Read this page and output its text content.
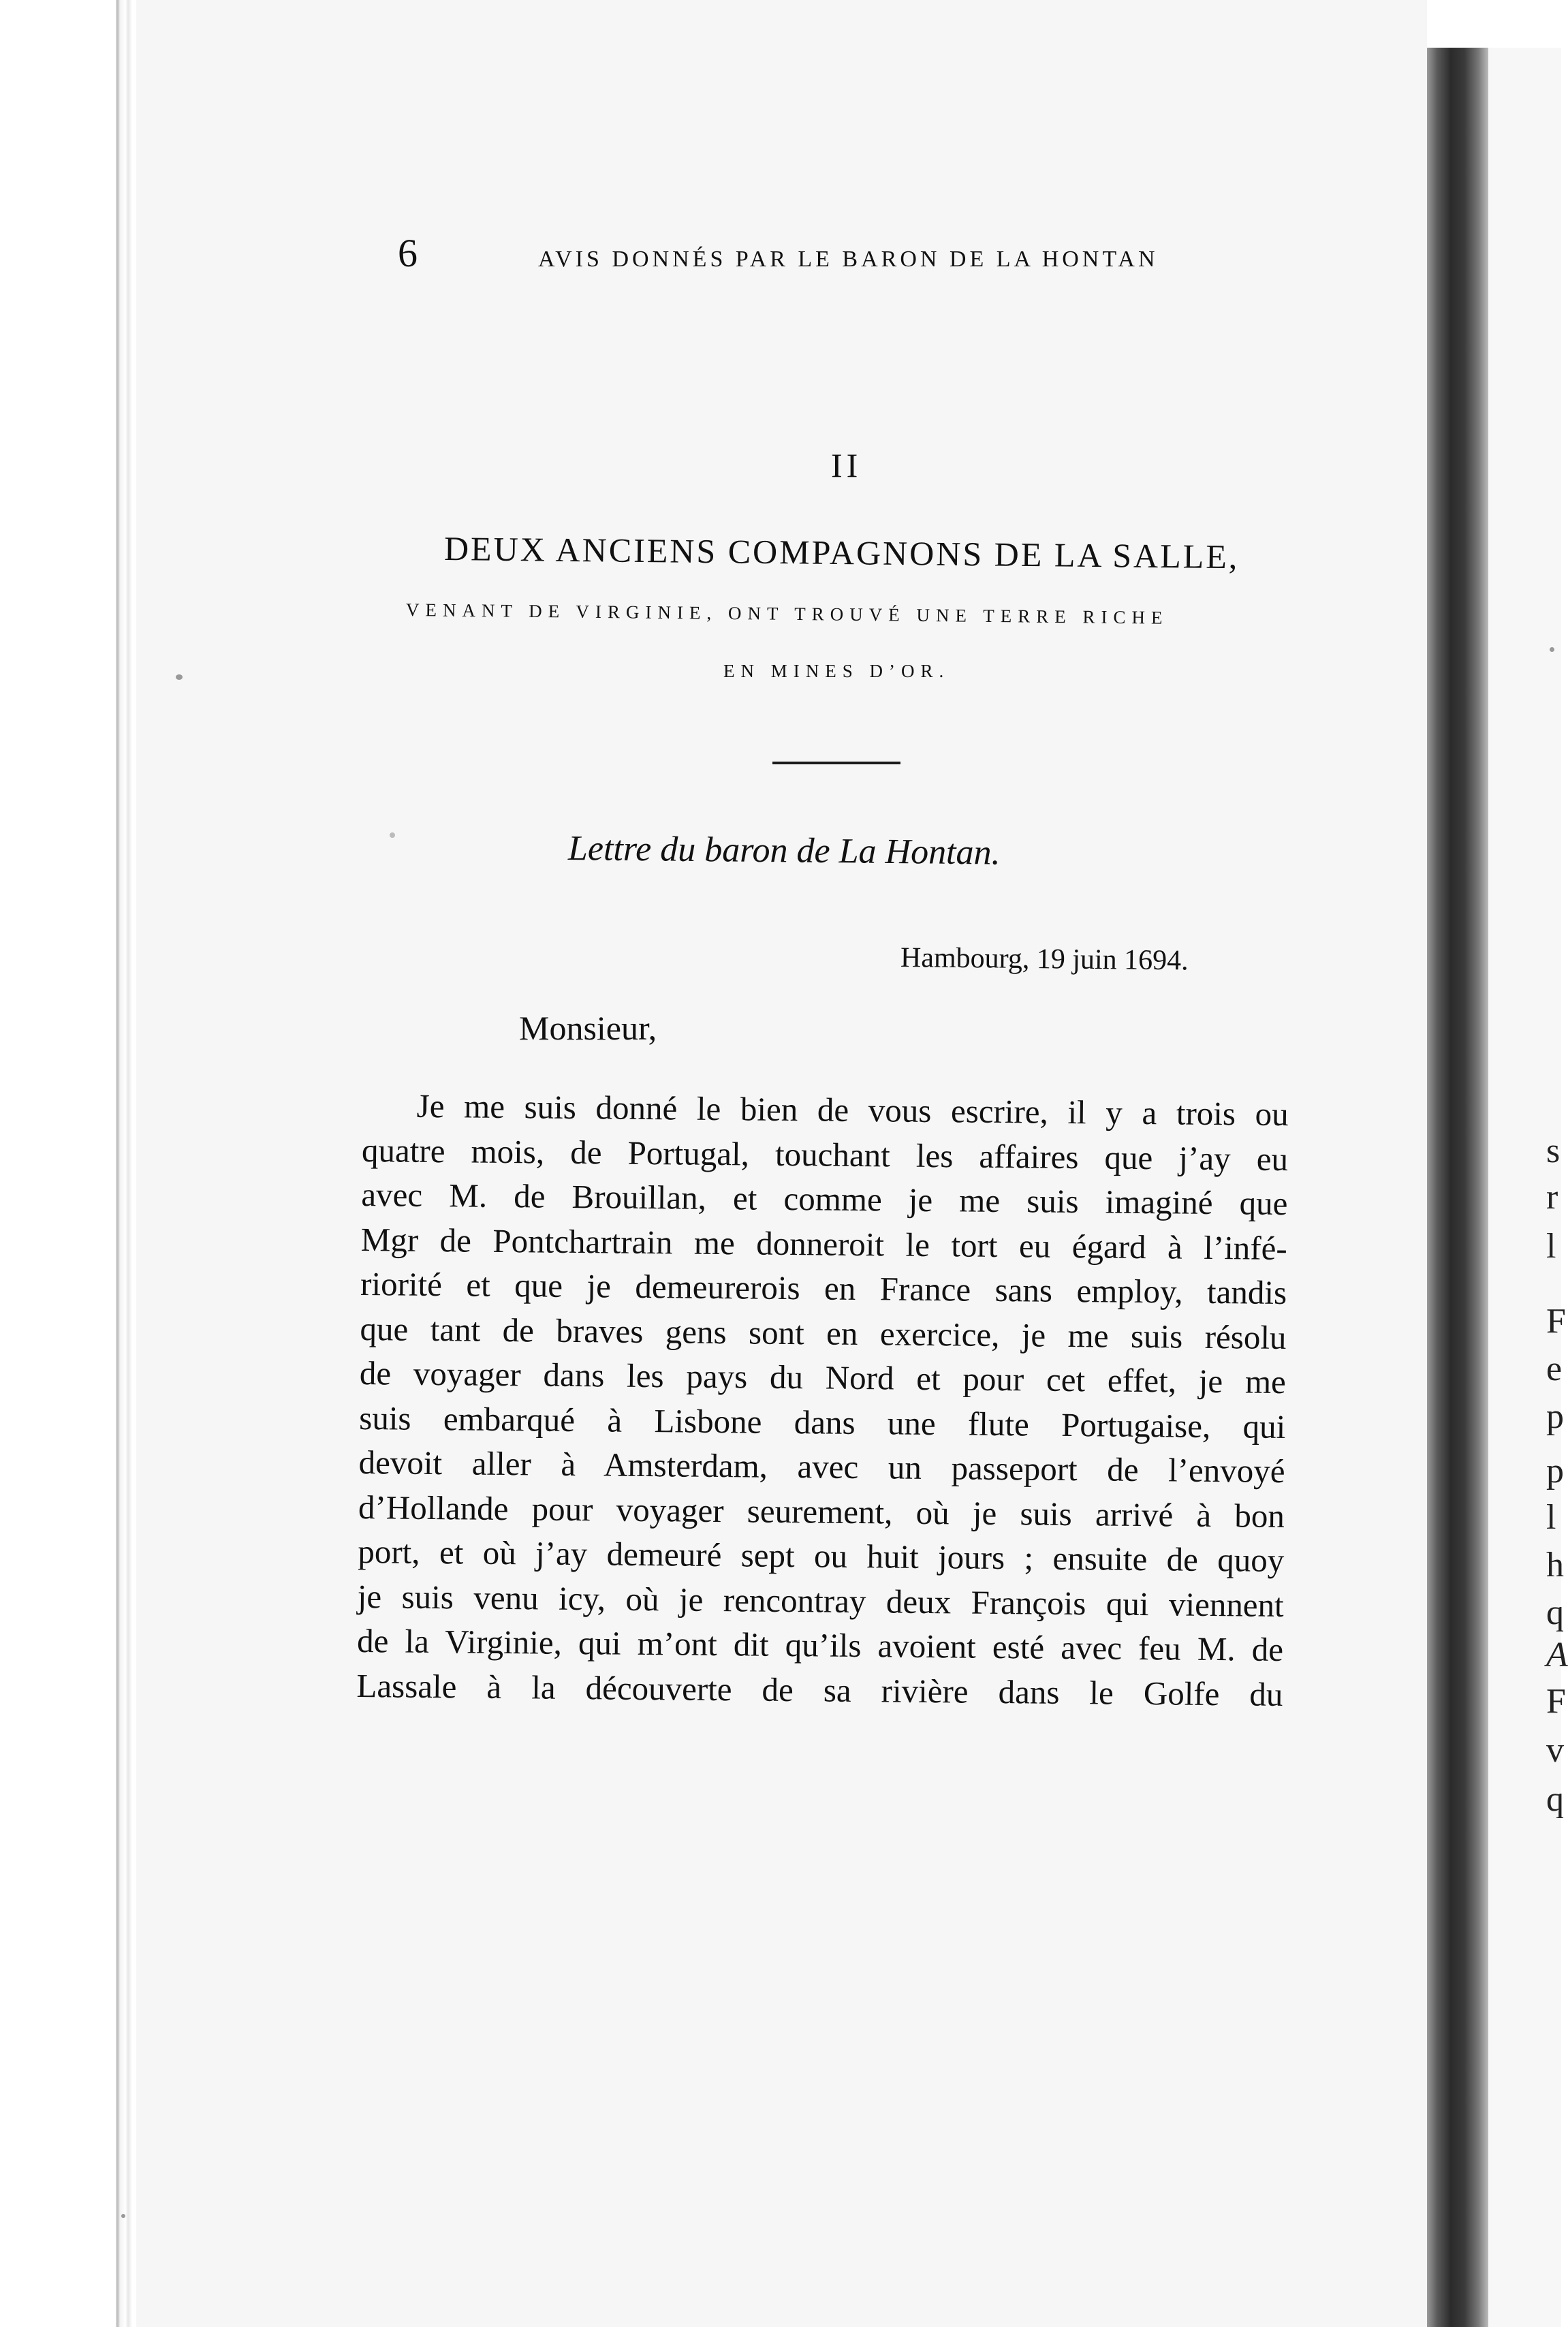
s
r
l
F
e
p
p
l
h
q
A
F
v
q
6	AVIS DONNÉS PAR LE BARON DE LA HONTAN
II
DEUX ANCIENS COMPAGNONS DE LA SALLE,
VENANT DE VIRGINIE, ONT TROUVÉ UNE TERRE RICHE
EN MINES D’OR.
Lettre du baron de La Hontan.
Hambourg, 19 juin 1694.
Monsieur,
Je me suis donné le bien de vous escrire, il y a trois ou
quatre mois, de Portugal, touchant les affaires que j’ay eu
avec M. de Brouillan, et comme je me suis imaginé que
Mgr de Pontchartrain me donneroit le tort eu égard à l’infé-
riorité et que je demeurerois en France sans employ, tandis
que tant de braves gens sont en exercice, je me suis résolu
de voyager dans les pays du Nord et pour cet effet, je me
suis embarqué à Lisbone dans une flute Portugaise, qui
devoit aller à Amsterdam, avec un passeport de l’envoyé
d’Hollande pour voyager seurement, où je suis arrivé à bon
port, et où j’ay demeuré sept ou huit jours ; ensuite de quoy
je suis venu icy, où je rencontray deux François qui viennent
de la Virginie, qui m’ont dit qu’ils avoient esté avec feu M. de
Lassale à la découverte de sa rivière dans le Golfe du
